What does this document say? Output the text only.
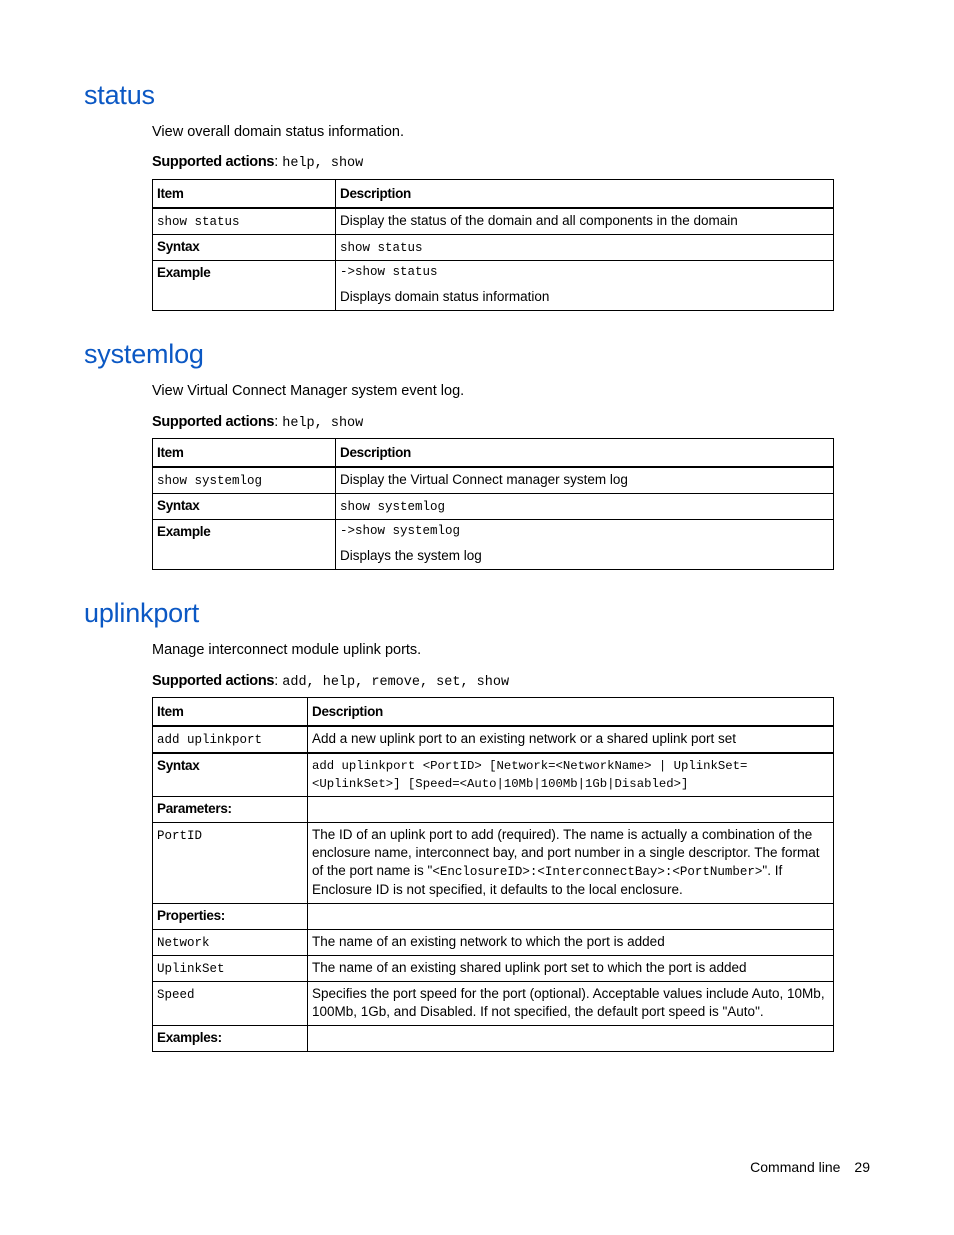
status

View overall domain status information.

Supported actions: help, show

Item	Description
show status	Display the status of the domain and all components in the domain
Syntax	show status
Example	->show status
Displays domain status information
systemlog

View Virtual Connect Manager system event log.

Supported actions: help, show

Item	Description
show systemlog	Display the Virtual Connect manager system log
Syntax	show systemlog
Example	->show systemlog
Displays the system log
uplinkport

Manage interconnect module uplink ports.

Supported actions: add, help, remove, set, show

Item	Description
add uplinkport	Add a new uplink port to an existing network or a shared uplink port set
Syntax	add uplinkport <PortID> [Network=<NetworkName> | UplinkSet=<UplinkSet>] [Speed=<Auto|10Mb|100Mb|1Gb|Disabled>]
Parameters:	
PortID	The ID of an uplink port to add (required). The name is actually a combination of the enclosure name, interconnect bay, and port number in a single descriptor. The format of the port name is "<EnclosureID>:<InterconnectBay>:<PortNumber>". If Enclosure ID is not specified, it defaults to the local enclosure.
Properties:	
Network	The name of an existing network to which the port is added
UplinkSet	The name of an existing shared uplink port set to which the port is added
Speed	Specifies the port speed for the port (optional). Acceptable values include Auto, 10Mb, 100Mb, 1Gb, and Disabled. If not specified, the default port speed is "Auto".
Examples:	
Command line 29
